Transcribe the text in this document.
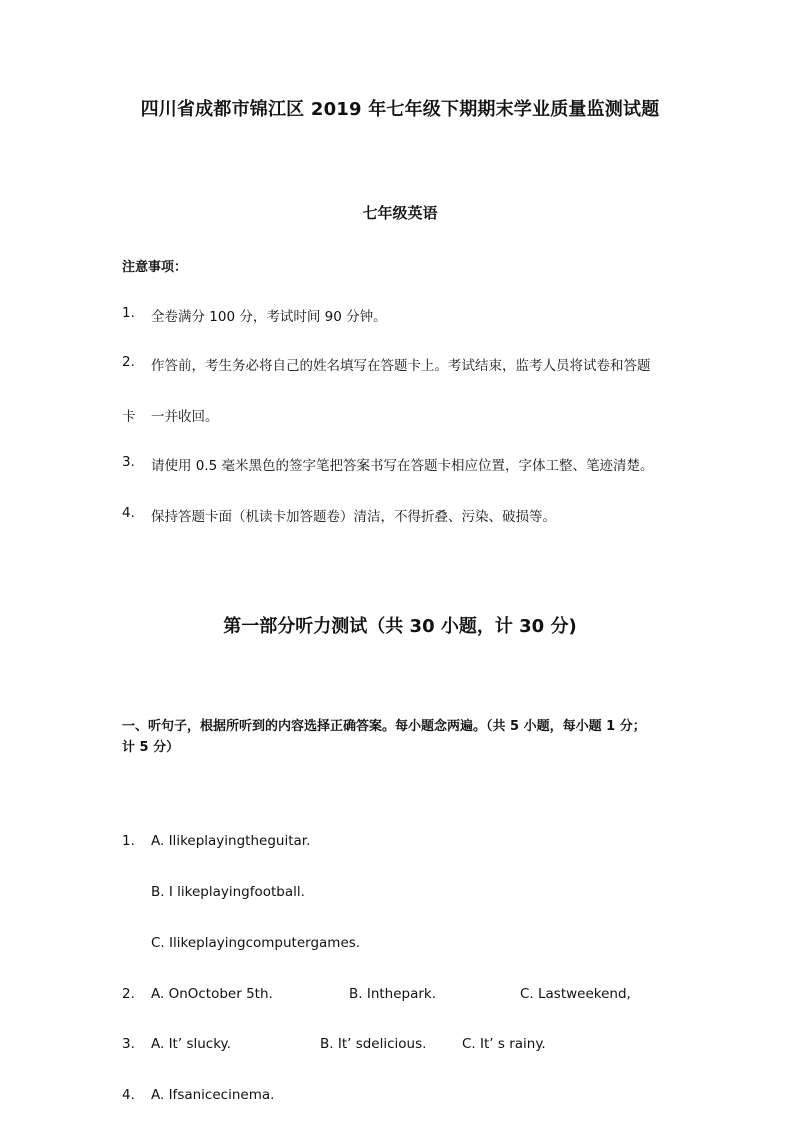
四川省成都市锦江区 2019 年七年级下期期末学业质量监测试题
七年级英语
注意事项：
1. 全卷满分 100 分，考试时间 90 分钟。
2. 作答前，考生务必将自己的姓名填写在答题卡上。考试结束，监考人员将试卷和答题
卡 一并收回。
3. 请使用 0.5 毫米黑色的签字笔把答案书写在答题卡相应位置，字体工整、笔迹清楚。
4. 保持答题卡面（机读卡加答题卷）清洁，不得折叠、污染、破损等。
第一部分听力测试（共 30 小题，计 30 分)
一、听句子，根据所听到的内容选择正确答案。每小题念两遍。（共 5 小题，每小题 1 分；
计 5 分）
1. A. Ilikeplayingtheguitar.
B. I likeplayingfootball.
C. Ilikeplayingcomputergames.
2. A. OnOctober 5th.	B. Inthepark.	C. Lastweekend,
3. A. It’ slucky.	B. It’ sdelicious.	C. It’ s rainy.
4. A. Ifsanicecinema.
